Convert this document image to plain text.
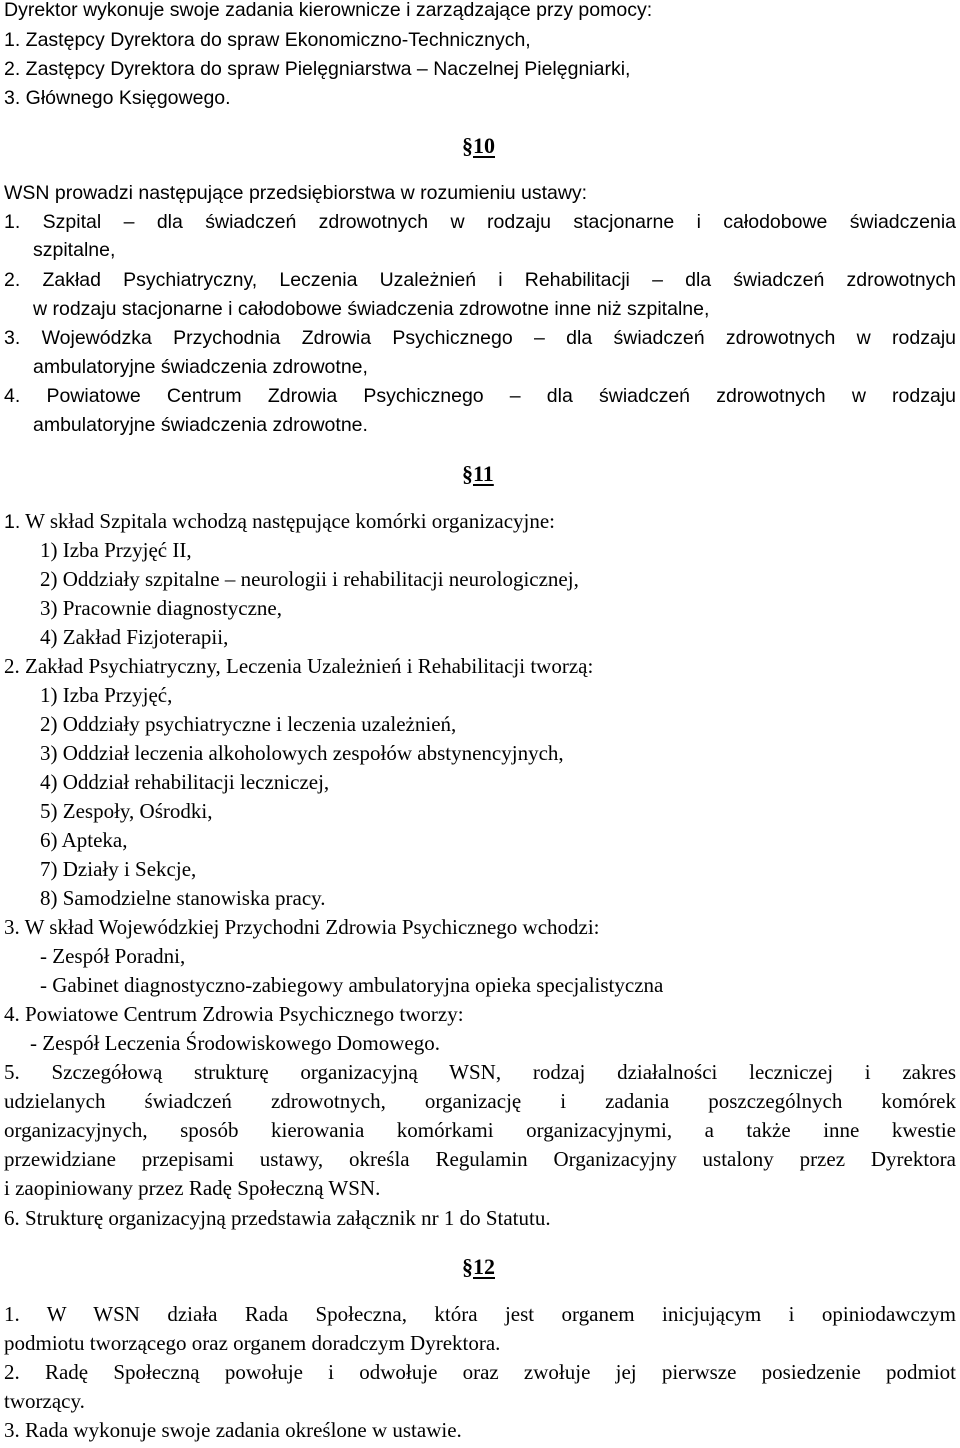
Dyrektor wykonuje swoje zadania kierownicze i zarządzające przy pomocy:
1. Zastępcy Dyrektora do spraw Ekonomiczno-Technicznych,
2. Zastępcy Dyrektora do spraw Pielęgniarstwa – Naczelnej Pielęgniarki,
3. Głównego Księgowego.
§10
WSN prowadzi następujące przedsiębiorstwa w rozumieniu ustawy:
1. Szpital – dla świadczeń zdrowotnych w rodzaju stacjonarne i całodobowe świadczenia
szpitalne,
2. Zakład Psychiatryczny, Leczenia Uzależnień i Rehabilitacji – dla świadczeń zdrowotnych
w rodzaju stacjonarne i całodobowe świadczenia zdrowotne inne niż szpitalne,
3. Wojewódzka Przychodnia Zdrowia Psychicznego – dla świadczeń zdrowotnych w rodzaju
ambulatoryjne świadczenia zdrowotne,
4. Powiatowe Centrum Zdrowia Psychicznego – dla świadczeń zdrowotnych w rodzaju
ambulatoryjne świadczenia zdrowotne.
§11
1. W skład Szpitala wchodzą następujące komórki organizacyjne:
1) Izba Przyjęć II,
2) Oddziały szpitalne – neurologii i rehabilitacji neurologicznej,
3) Pracownie diagnostyczne,
4) Zakład Fizjoterapii,
2. Zakład Psychiatryczny, Leczenia Uzależnień i Rehabilitacji tworzą:
1) Izba Przyjęć,
2) Oddziały psychiatryczne i leczenia uzależnień,
3) Oddział leczenia alkoholowych zespołów abstynencyjnych,
4) Oddział rehabilitacji leczniczej,
5) Zespoły, Ośrodki,
6) Apteka,
7) Działy i Sekcje,
8) Samodzielne stanowiska pracy.
3. W skład Wojewódzkiej Przychodni Zdrowia Psychicznego wchodzi:
- Zespół Poradni,
- Gabinet diagnostyczno-zabiegowy ambulatoryjna opieka specjalistyczna
4. Powiatowe Centrum Zdrowia Psychicznego tworzy:
- Zespół Leczenia Środowiskowego Domowego.
5. Szczegółową strukturę organizacyjną WSN, rodzaj działalności leczniczej i zakres
udzielanych świadczeń zdrowotnych, organizację i zadania poszczególnych komórek
organizacyjnych, sposób kierowania komórkami organizacyjnymi, a także inne kwestie
przewidziane przepisami ustawy, określa Regulamin Organizacyjny ustalony przez Dyrektora
i zaopiniowany przez Radę Społeczną WSN.
6. Strukturę organizacyjną przedstawia załącznik nr 1 do Statutu.
§12
1. W WSN działa Rada Społeczna, która jest organem inicjującym i opiniodawczym
podmiotu tworzącego oraz organem doradczym Dyrektora.
2. Radę Społeczną powołuje i odwołuje oraz zwołuje jej pierwsze posiedzenie podmiot
tworzący.
3. Rada wykonuje swoje zadania określone w ustawie.
